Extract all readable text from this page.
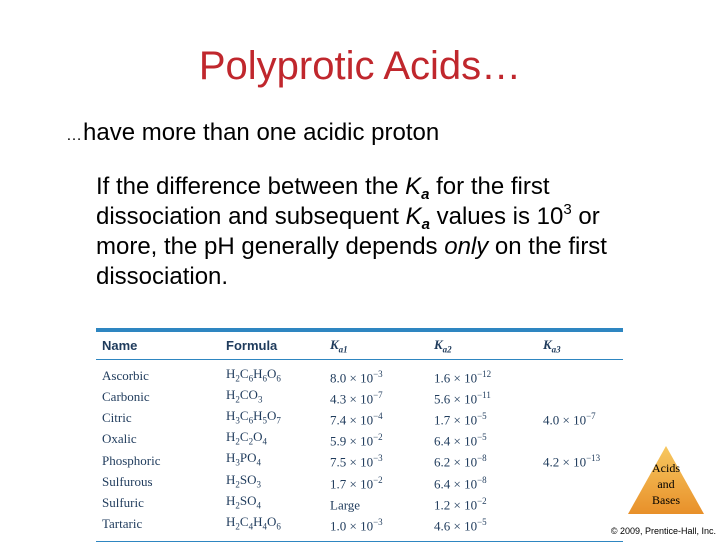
Polyprotic Acids…
…have more than one acidic proton
If the difference between the $K_a$ for the first dissociation and subsequent $K_a$ values is $10^3$ or more, the pH generally depends only on the first dissociation.
Name	Formula	$K_{a1}$	$K_{a2}$	$K_{a3}$
Ascorbic	$H_2C_6H_6O_6$	$8.0 \times 10^{-3}$	$1.6 \times 10^{-12}$	
Carbonic	$H_2CO_3$	$4.3 \times 10^{-7}$	$5.6 \times 10^{-11}$	
Citric	$H_3C_6H_5O_7$	$7.4 \times 10^{-4}$	$1.7 \times 10^{-5}$	$4.0 \times 10^{-7}$
Oxalic	$H_2C_2O_4$	$5.9 \times 10^{-2}$	$6.4 \times 10^{-5}$	
Phosphoric	$H_3PO_4$	$7.5 \times 10^{-3}$	$6.2 \times 10^{-8}$	$4.2 \times 10^{-13}$
Sulfurous	$H_2SO_3$	$1.7 \times 10^{-2}$	$6.4 \times 10^{-8}$	
Sulfuric	$H_2SO_4$	Large	$1.2 \times 10^{-2}$	
Tartaric	$H_2C_4H_4O_6$	$1.0 \times 10^{-3}$	$4.6 \times 10^{-5}$	
Acids
and
Bases
© 2009, Prentice-Hall, Inc.
